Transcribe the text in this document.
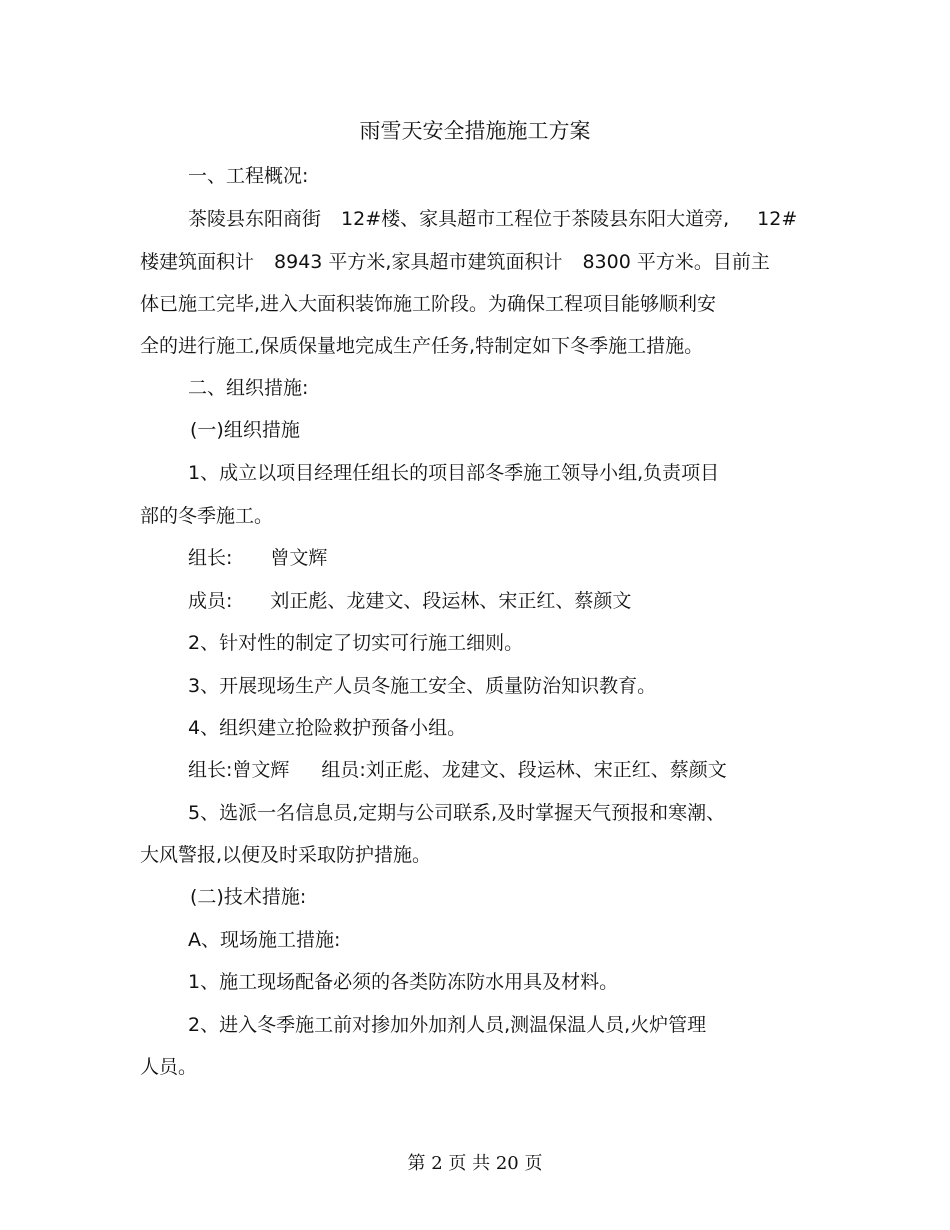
雨雪天安全措施施工方案
一、工程概况:
茶陵县东阳商街 12#楼、家具超市工程位于茶陵县东阳大道旁, 12#
楼建筑面积计 8943 平方米,家具超市建筑面积计 8300 平方米。目前主
体已施工完毕,进入大面积装饰施工阶段。为确保工程项目能够顺利安
全的进行施工,保质保量地完成生产任务,特制定如下冬季施工措施。
二、组织措施:
(一)组织措施
1、成立以项目经理任组长的项目部冬季施工领导小组,负责项目
部的冬季施工。
组长: 曾文辉
成员: 刘正彪、龙建文、段运林、宋正红、蔡颜文
2、针对性的制定了切实可行施工细则。
3、开展现场生产人员冬施工安全、质量防治知识教育。
4、组织建立抢险救护预备小组。
组长:曾文辉 组员:刘正彪、龙建文、段运林、宋正红、蔡颜文
5、选派一名信息员,定期与公司联系,及时掌握天气预报和寒潮、
大风警报,以便及时采取防护措施。
(二)技术措施:
A、现场施工措施:
1、施工现场配备必须的各类防冻防水用具及材料。
2、进入冬季施工前对掺加外加剂人员,测温保温人员,火炉管理
人员。
第 2 页 共 20 页
